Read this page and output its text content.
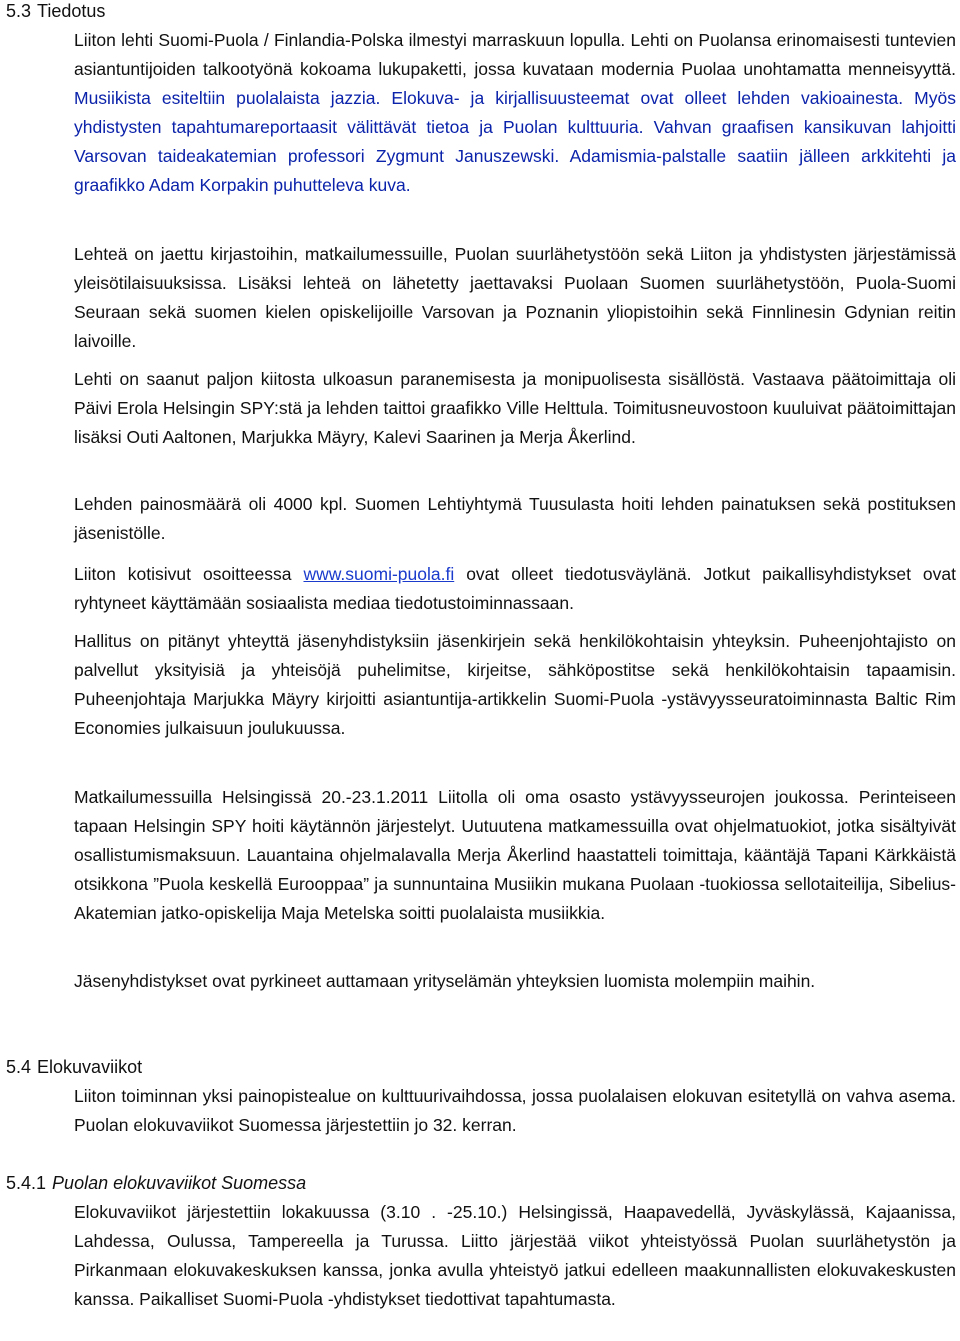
5.3 Tiedotus

Liiton lehti Suomi-Puola / Finlandia-Polska ilmestyi marraskuun lopulla. Lehti on Puolansa erinomaisesti tuntevien asiantuntijoiden talkootyönä kokoama lukupaketti, jossa kuvataan modernia Puolaa unohtamatta menneisyyttä. Musiikista esiteltiin puolalaista jazzia. Elokuva- ja kirjallisuusteemat ovat olleet lehden vakioainesta. Myös yhdistysten tapahtumareportaasit välittävät tietoa ja Puolan kulttuuria. Vahvan graafisen kansikuvan lahjoitti Varsovan taideakatemian professori Zygmunt Januszewski. Adamismia-palstalle saatiin jälleen arkkitehti ja graafikko Adam Korpakin puhutteleva kuva.

Lehteä on jaettu kirjastoihin, matkailumessuille, Puolan suurlähetystöön sekä Liiton ja yhdistysten järjestämissä yleisötilaisuuksissa. Lisäksi lehteä on lähetetty jaettavaksi Puolaan Suomen suurlähetystöön, Puola-Suomi Seuraan sekä suomen kielen opiskelijoille Varsovan ja Poznanin yliopistoihin sekä Finnlinesin Gdynian reitin laivoille.

Lehti on saanut paljon kiitosta ulkoasun paranemisesta ja monipuolisesta sisällöstä. Vastaava päätoimittaja oli Päivi Erola Helsingin SPY:stä ja lehden taittoi graafikko Ville Helttula. Toimitusneuvostoon kuuluivat päätoimittajan lisäksi Outi Aaltonen, Marjukka Mäyry, Kalevi Saarinen ja Merja Åkerlind.

Lehden painosmäärä oli 4000 kpl. Suomen Lehtiyhtymä Tuusulasta hoiti lehden painatuksen sekä postituksen jäsenistölle.

Liiton kotisivut osoitteessa www.suomi-puola.fi ovat olleet tiedotusväylänä. Jotkut paikallisyhdistykset ovat ryhtyneet käyttämään sosiaalista mediaa tiedotustoiminnassaan.

Hallitus on pitänyt yhteyttä jäsenyhdistyksiin jäsenkirjein sekä henkilökohtaisin yhteyksin. Puheenjohtajisto on palvellut yksityisiä ja yhteisöjä puhelimitse, kirjeitse, sähköpostitse sekä henkilökohtaisin tapaamisin. Puheenjohtaja Marjukka Mäyry kirjoitti asiantuntija-artikkelin Suomi-Puola -ystävyysseuratoiminnasta Baltic Rim Economies julkaisuun joulukuussa.

Matkailumessuilla Helsingissä 20.-23.1.2011 Liitolla oli oma osasto ystävyysseurojen joukossa. Perinteiseen tapaan Helsingin SPY hoiti käytännön järjestelyt. Uutuutena matkamessuilla ovat ohjelmatuokiot, jotka sisältyivät osallistumismaksuun. Lauantaina ohjelmalavalla Merja Åkerlind haastatteli toimittaja, kääntäjä Tapani Kärkkäistä otsikkona ”Puola keskellä Eurooppaa” ja sunnuntaina Musiikin mukana Puolaan -tuokiossa sellotaiteilija, Sibelius-Akatemian jatko-opiskelija Maja Metelska soitti puolalaista musiikkia.

Jäsenyhdistykset ovat pyrkineet auttamaan yrityselämän yhteyksien luomista molempiin maihin.

5.4 Elokuvaviikot

Liiton toiminnan yksi painopistealue on kulttuurivaihdossa, jossa puolalaisen elokuvan esitetyllä on vahva asema. Puolan elokuvaviikot Suomessa järjestettiin jo 32. kerran.

5.4.1 Puolan elokuvaviikot Suomessa

Elokuvaviikot järjestettiin lokakuussa (3.10 . -25.10.) Helsingissä, Haapavedellä, Jyväskylässä, Kajaanissa, Lahdessa, Oulussa, Tampereella ja Turussa. Liitto järjestää viikot yhteistyössä Puolan suurlähetystön ja Pirkanmaan elokuvakeskuksen kanssa, jonka avulla yhteistyö jatkui edelleen maakunnallisten elokuvakeskusten kanssa. Paikalliset Suomi-Puola -yhdistykset tiedottivat tapahtumasta.
